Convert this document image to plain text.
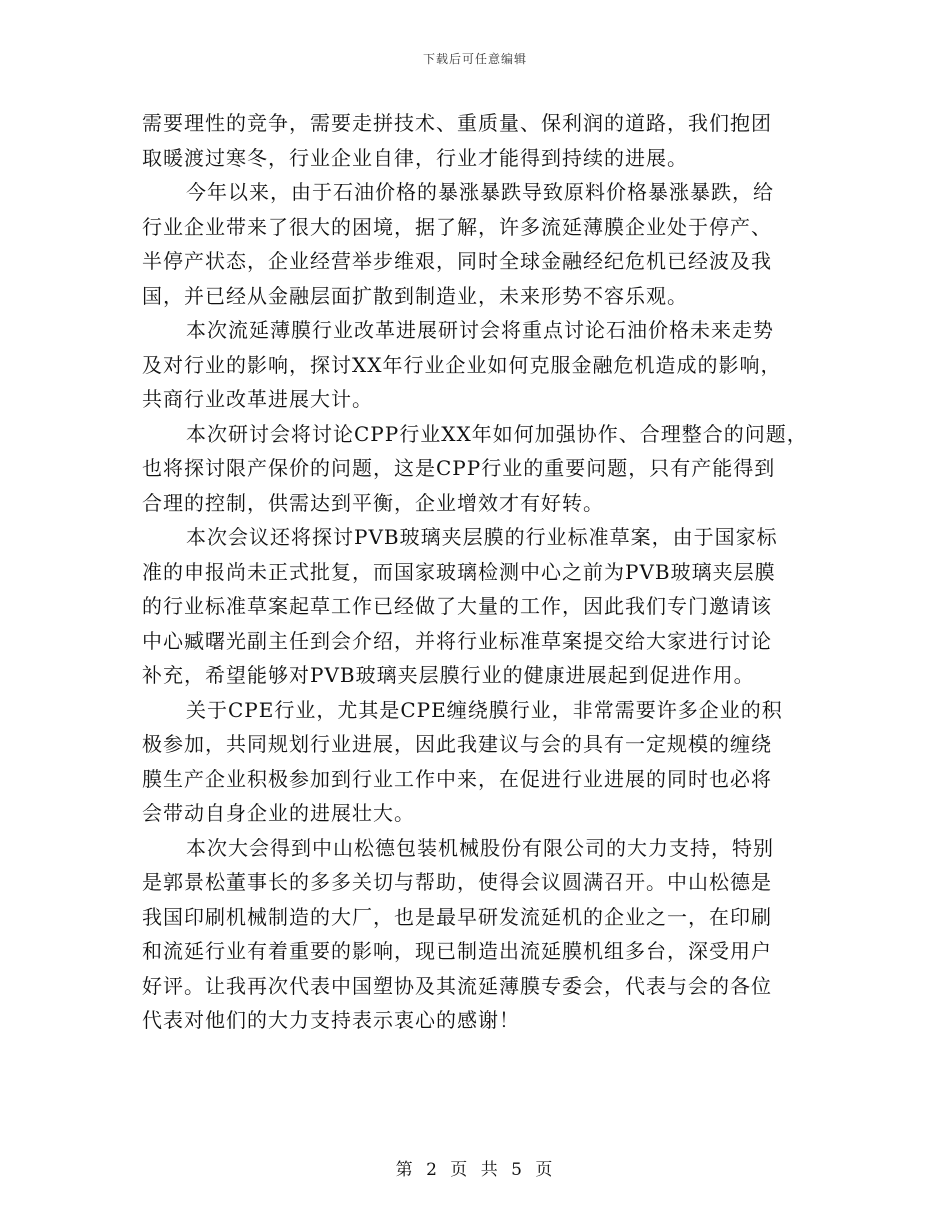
下载后可任意编辑
需要理性的竞争，需要走拼技术、重质量、保利润的道路，我们抱团
取暖渡过寒冬，行业企业自律，行业才能得到持续的进展。
今年以来，由于石油价格的暴涨暴跌导致原料价格暴涨暴跌，给
行业企业带来了很大的困境，据了解，许多流延薄膜企业处于停产、
半停产状态，企业经营举步维艰，同时全球金融经纪危机已经波及我
国，并已经从金融层面扩散到制造业，未来形势不容乐观。
本次流延薄膜行业改革进展研讨会将重点讨论石油价格未来走势
及对行业的影响，探讨XX年行业企业如何克服金融危机造成的影响，
共商行业改革进展大计。
本次研讨会将讨论CPP行业XX年如何加强协作、合理整合的问题，
也将探讨限产保价的问题，这是CPP行业的重要问题，只有产能得到
合理的控制，供需达到平衡，企业增效才有好转。
本次会议还将探讨PVB玻璃夹层膜的行业标准草案，由于国家标
准的申报尚未正式批复，而国家玻璃检测中心之前为PVB玻璃夹层膜
的行业标准草案起草工作已经做了大量的工作，因此我们专门邀请该
中心臧曙光副主任到会介绍，并将行业标准草案提交给大家进行讨论
补充，希望能够对PVB玻璃夹层膜行业的健康进展起到促进作用。
关于CPE行业，尤其是CPE缠绕膜行业，非常需要许多企业的积
极参加，共同规划行业进展，因此我建议与会的具有一定规模的缠绕
膜生产企业积极参加到行业工作中来，在促进行业进展的同时也必将
会带动自身企业的进展壮大。
本次大会得到中山松德包装机械股份有限公司的大力支持，特别
是郭景松董事长的多多关切与帮助，使得会议圆满召开。中山松德是
我国印刷机械制造的大厂，也是最早研发流延机的企业之一，在印刷
和流延行业有着重要的影响，现已制造出流延膜机组多台，深受用户
好评。让我再次代表中国塑协及其流延薄膜专委会，代表与会的各位
代表对他们的大力支持表示衷心的感谢！
第 2 页 共 5 页
